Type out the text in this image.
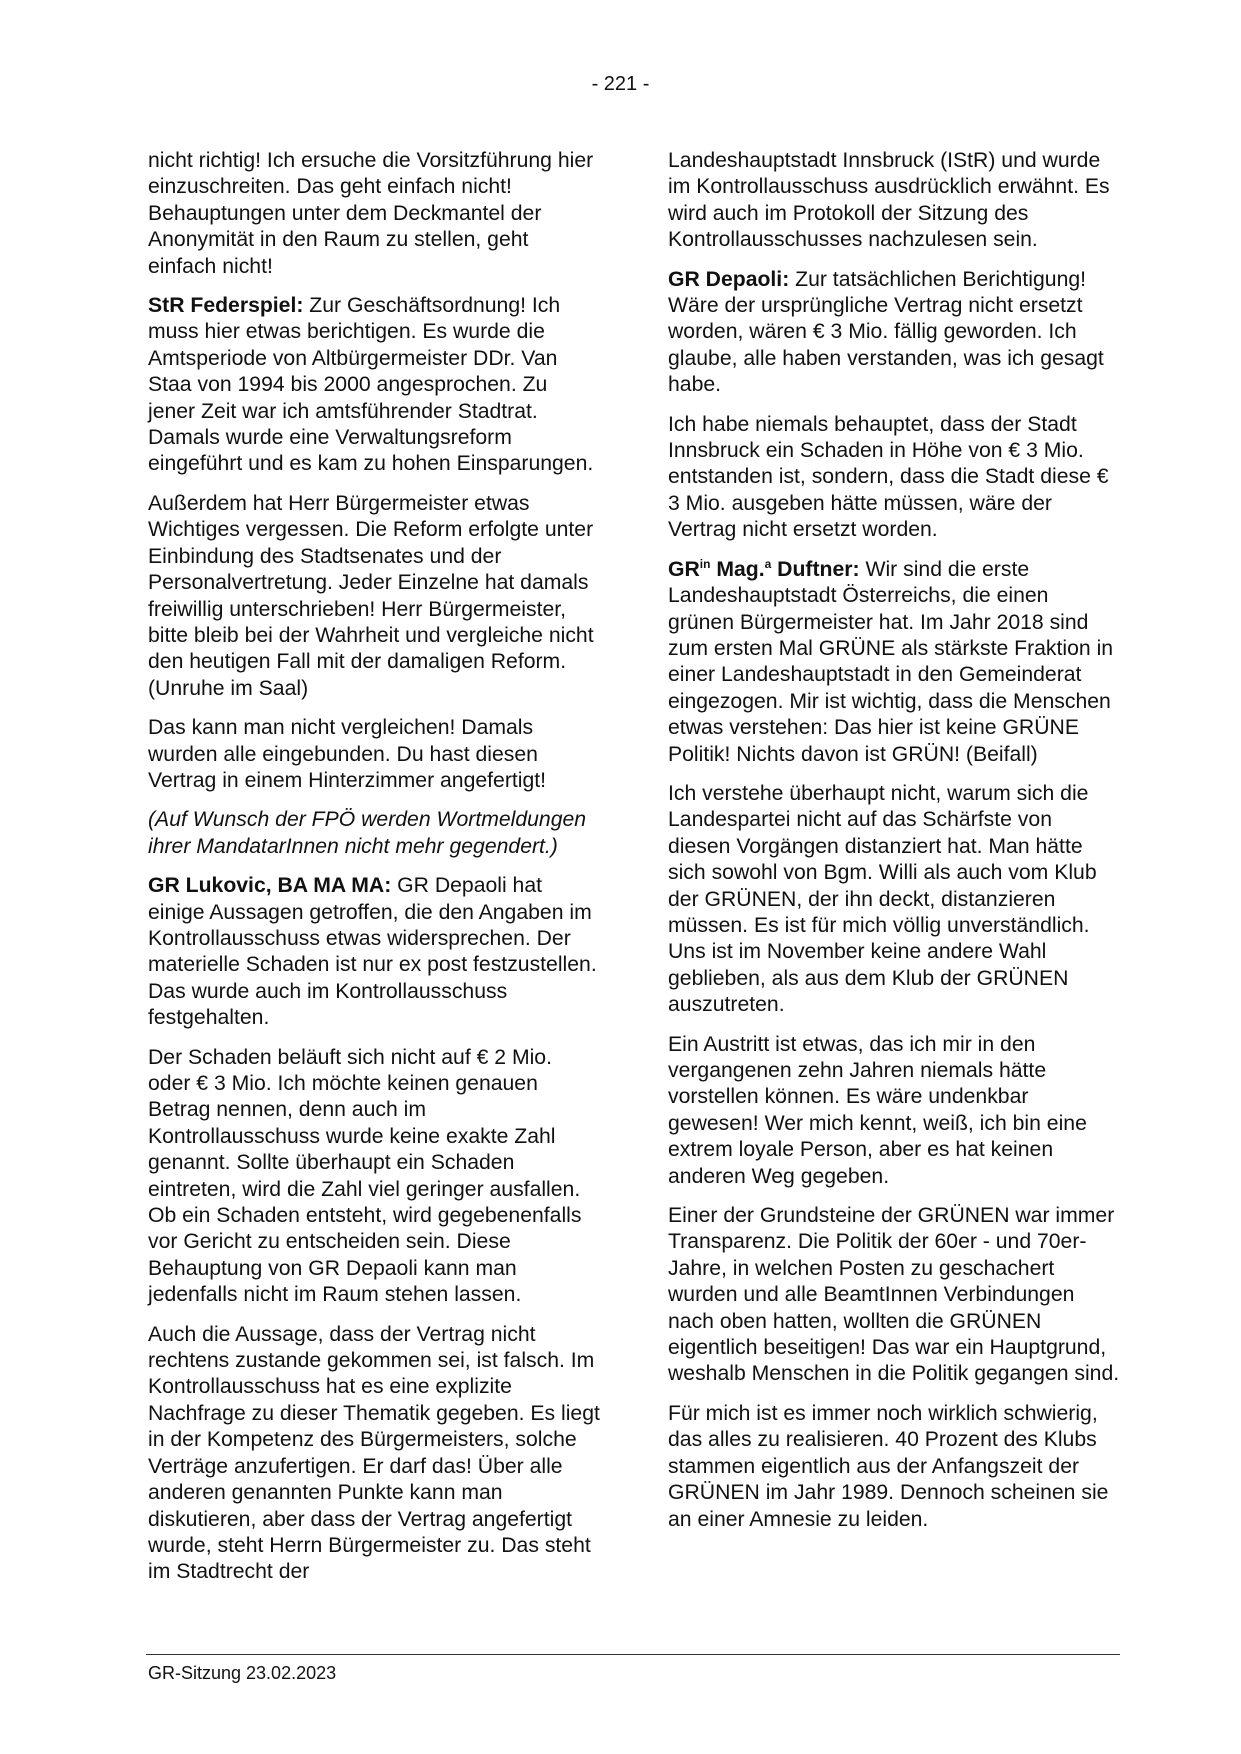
- 221 -

nicht richtig! Ich ersuche die Vorsitzführung hier einzuschreiten. Das geht einfach nicht! Behauptungen unter dem Deckmantel der Anonymität in den Raum zu stellen, geht einfach nicht!

StR Federspiel: Zur Geschäftsordnung! Ich muss hier etwas berichtigen. Es wurde die Amtsperiode von Altbürgermeister DDr. Van Staa von 1994 bis 2000 angesprochen. Zu jener Zeit war ich amtsführender Stadtrat. Damals wurde eine Verwaltungsreform eingeführt und es kam zu hohen Einsparungen.

Außerdem hat Herr Bürgermeister etwas Wichtiges vergessen. Die Reform erfolgte unter Einbindung des Stadtsenates und der Personalvertretung. Jeder Einzelne hat damals freiwillig unterschrieben! Herr Bürgermeister, bitte bleib bei der Wahrheit und vergleiche nicht den heutigen Fall mit der damaligen Reform. (Unruhe im Saal)

Das kann man nicht vergleichen! Damals wurden alle eingebunden. Du hast diesen Vertrag in einem Hinterzimmer angefertigt!

(Auf Wunsch der FPÖ werden Wortmeldungen ihrer MandatarInnen nicht mehr gegendert.)

GR Lukovic, BA MA MA: GR Depaoli hat einige Aussagen getroffen, die den Angaben im Kontrollausschuss etwas widersprechen. Der materielle Schaden ist nur ex post festzustellen. Das wurde auch im Kontrollausschuss festgehalten.

Der Schaden beläuft sich nicht auf € 2 Mio. oder € 3 Mio. Ich möchte keinen genauen Betrag nennen, denn auch im Kontrollausschuss wurde keine exakte Zahl genannt. Sollte überhaupt ein Schaden eintreten, wird die Zahl viel geringer ausfallen. Ob ein Schaden entsteht, wird gegebenenfalls vor Gericht zu entscheiden sein. Diese Behauptung von GR Depaoli kann man jedenfalls nicht im Raum stehen lassen.

Auch die Aussage, dass der Vertrag nicht rechtens zustande gekommen sei, ist falsch. Im Kontrollausschuss hat es eine explizite Nachfrage zu dieser Thematik gegeben. Es liegt in der Kompetenz des Bürgermeisters, solche Verträge anzufertigen. Er darf das! Über alle anderen genannten Punkte kann man diskutieren, aber dass der Vertrag angefertigt wurde, steht Herrn Bürgermeister zu. Das steht im Stadtrecht der

Landeshauptstadt Innsbruck (IStR) und wurde im Kontrollausschuss ausdrücklich erwähnt. Es wird auch im Protokoll der Sitzung des Kontrollausschusses nachzulesen sein.

GR Depaoli: Zur tatsächlichen Berichtigung! Wäre der ursprüngliche Vertrag nicht ersetzt worden, wären € 3 Mio. fällig geworden. Ich glaube, alle haben verstanden, was ich gesagt habe.

Ich habe niemals behauptet, dass der Stadt Innsbruck ein Schaden in Höhe von € 3 Mio. entstanden ist, sondern, dass die Stadt diese € 3 Mio. ausgeben hätte müssen, wäre der Vertrag nicht ersetzt worden.

$GR^{in}$ Mag.$^a$ Duftner: Wir sind die erste Landeshauptstadt Österreichs, die einen grünen Bürgermeister hat. Im Jahr 2018 sind zum ersten Mal GRÜNE als stärkste Fraktion in einer Landeshauptstadt in den Gemeinderat eingezogen. Mir ist wichtig, dass die Menschen etwas verstehen: Das hier ist keine GRÜNE Politik! Nichts davon ist GRÜN! (Beifall)

Ich verstehe überhaupt nicht, warum sich die Landespartei nicht auf das Schärfste von diesen Vorgängen distanziert hat. Man hätte sich sowohl von Bgm. Willi als auch vom Klub der GRÜNEN, der ihn deckt, distanzieren müssen. Es ist für mich völlig unverständlich. Uns ist im November keine andere Wahl geblieben, als aus dem Klub der GRÜNEN auszutreten.

Ein Austritt ist etwas, das ich mir in den vergangenen zehn Jahren niemals hätte vorstellen können. Es wäre undenkbar gewesen! Wer mich kennt, weiß, ich bin eine extrem loyale Person, aber es hat keinen anderen Weg gegeben.

Einer der Grundsteine der GRÜNEN war immer Transparenz. Die Politik der 60er - und 70er-Jahre, in welchen Posten zu geschachert wurden und alle BeamtInnen Verbindungen nach oben hatten, wollten die GRÜNEN eigentlich beseitigen! Das war ein Hauptgrund, weshalb Menschen in die Politik gegangen sind.

Für mich ist es immer noch wirklich schwierig, das alles zu realisieren. 40 Prozent des Klubs stammen eigentlich aus der Anfangszeit der GRÜNEN im Jahr 1989. Dennoch scheinen sie an einer Amnesie zu leiden.

GR-Sitzung 23.02.2023
